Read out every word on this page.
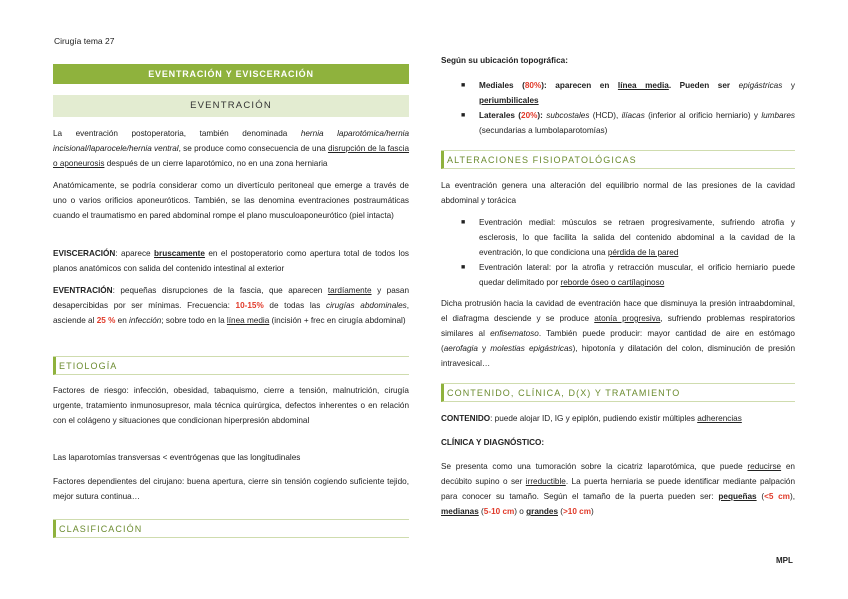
Cirugía tema 27
EVENTRACIÓN Y EVISCERACIÓN
EVENTRACIÓN

La eventración postoperatoria, también denominada hernia laparotómica/hernia incisional/laparocele/hernia ventral, se produce como consecuencia de una disrupción de la fascia o aponeurosis después de un cierre laparotómico, no en una zona herniaria

Anatómicamente, se podría considerar como un divertículo peritoneal que emerge a través de uno o varios orificios aponeuróticos. También, se las denomina eventraciones postraumáticas cuando el traumatismo en pared abdominal rompe el plano musculoaponeurótico (piel intacta)

EVISCERACIÓN: aparece bruscamente en el postoperatorio como apertura total de todos los planos anatómicos con salida del contenido intestinal al exterior

EVENTRACIÓN: pequeñas disrupciones de la fascia, que aparecen tardíamente y pasan desapercibidas por ser mínimas. Frecuencia: 10-15% de todas las cirugías abdominales, asciende al 25 % en infección; sobre todo en la línea media (incisión + frec en cirugía abdominal)

ETIOLOGÍA

Factores de riesgo: infección, obesidad, tabaquismo, cierre a tensión, malnutrición, cirugía urgente, tratamiento inmunosupresor, mala técnica quirúrgica, defectos inherentes o en relación con el colágeno y situaciones que condicionan hiperpresión abdominal

Las laparotomías transversas < eventrógenas que las longitudinales

Factores dependientes del cirujano: buena apertura, cierre sin tensión cogiendo suficiente tejido, mejor sutura continua…

CLASIFICACIÓN

Según su ubicación topográfica:

■ Mediales (80%): aparecen en línea media. Pueden ser epigástricas y periumbilicales
■ Laterales (20%): subcostales (HCD), ilíacas (inferior al orificio herniario) y lumbares (secundarias a lumbolaparotomías)
ALTERACIONES FISIOPATOLÓGICAS

La eventración genera una alteración del equilibrio normal de las presiones de la cavidad abdominal y torácica

■ Eventración medial: músculos se retraen progresivamente, sufriendo atrofia y esclerosis, lo que facilita la salida del contenido abdominal a la cavidad de la eventración, lo que condiciona una pérdida de la pared
■ Eventración lateral: por la atrofia y retracción muscular, el orificio herniario puede quedar delimitado por reborde óseo o cartílaginoso

Dicha protrusión hacia la cavidad de eventración hace que disminuya la presión intraabdominal, el diafragma desciende y se produce atonía progresiva, sufriendo problemas respiratorios similares al enfisematoso. También puede producir: mayor cantidad de aire en estómago (aerofagia y molestias epigástricas), hipotonía y dilatación del colon, disminución de presión intravesical…

CONTENIDO, CLÍNICA, D(X) Y TRATAMIENTO

CONTENIDO: puede alojar ID, IG y epiplón, pudiendo existir múltiples adherencias

CLÍNICA Y DIAGNÓSTICO:

Se presenta como una tumoración sobre la cicatriz laparotómica, que puede reducirse en decúbito supino o ser irreductible. La puerta herniaria se puede identificar mediante palpación para conocer su tamaño. Según el tamaño de la puerta pueden ser: pequeñas (<5 cm), medianas (5-10 cm) o grandes (>10 cm)

MPL
